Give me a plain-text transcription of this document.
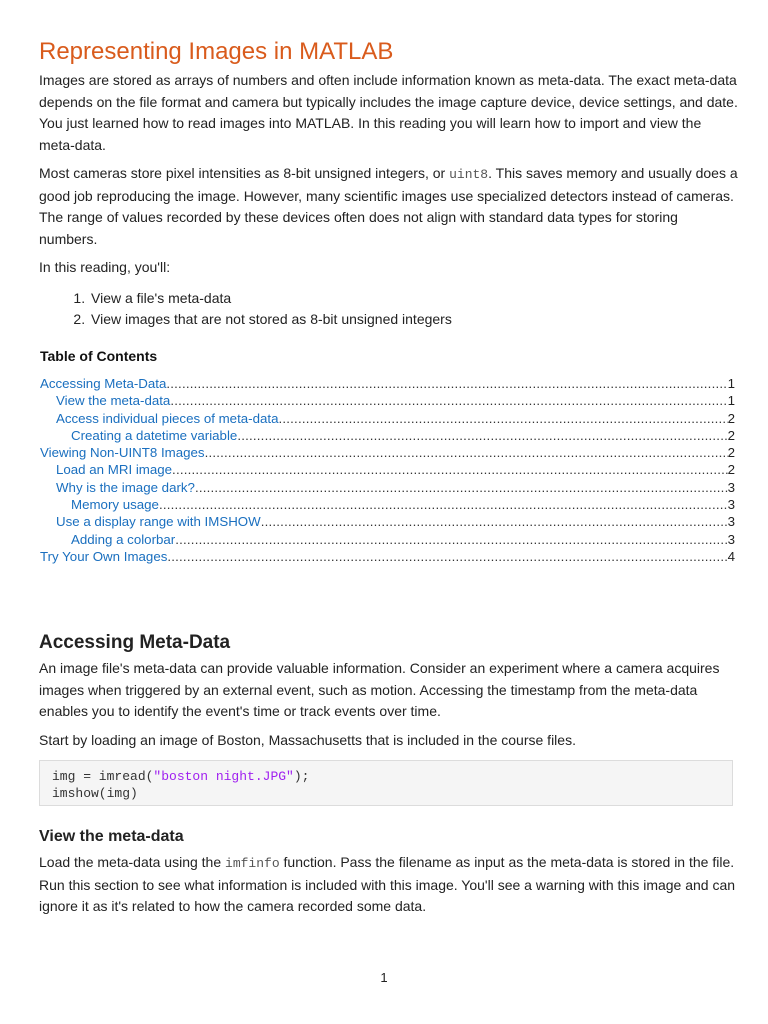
Representing Images in MATLAB

Images are stored as arrays of numbers and often include information known as meta-data. The exact meta-data depends on the file format and camera but typically includes the image capture device, device settings, and date. You just learned how to read images into MATLAB. In this reading you will learn how to import and view the meta-data.

Most cameras store pixel intensities as 8-bit unsigned integers, or uint8. This saves memory and usually does a good job reproducing the image. However, many scientific images use specialized detectors instead of cameras. The range of values recorded by these devices often does not align with standard data types for storing numbers.

In this reading, you'll:

1. View a file's meta-data
2. View images that are not stored as 8-bit unsigned integers
Table of Contents
Accessing Meta-Data .....	1
View the meta-data .....	1
Access individual pieces of meta-data .....	2
Creating a datetime variable .....	2
Viewing Non-UINT8 Images .....	2
Load an MRI image .....	2
Why is the image dark? .....	3
Memory usage .....	3
Use a display range with IMSHOW .....	3
Adding a colorbar .....	3
Try Your Own Images .....	4
Accessing Meta-Data

An image file's meta-data can provide valuable information. Consider an experiment where a camera acquires images when triggered by an external event, such as motion. Accessing the timestamp from the meta-data enables you to identify the event's time or track events over time.

Start by loading an image of Boston, Massachusetts that is included in the course files.

img = imread("boston night.JPG");
imshow(img)
View the meta-data

Load the meta-data using the imfinfo function. Pass the filename as input as the meta-data is stored in the file. Run this section to see what information is included with this image. You'll see a warning with this image and can ignore it as it's related to how the camera recorded some data.

1
